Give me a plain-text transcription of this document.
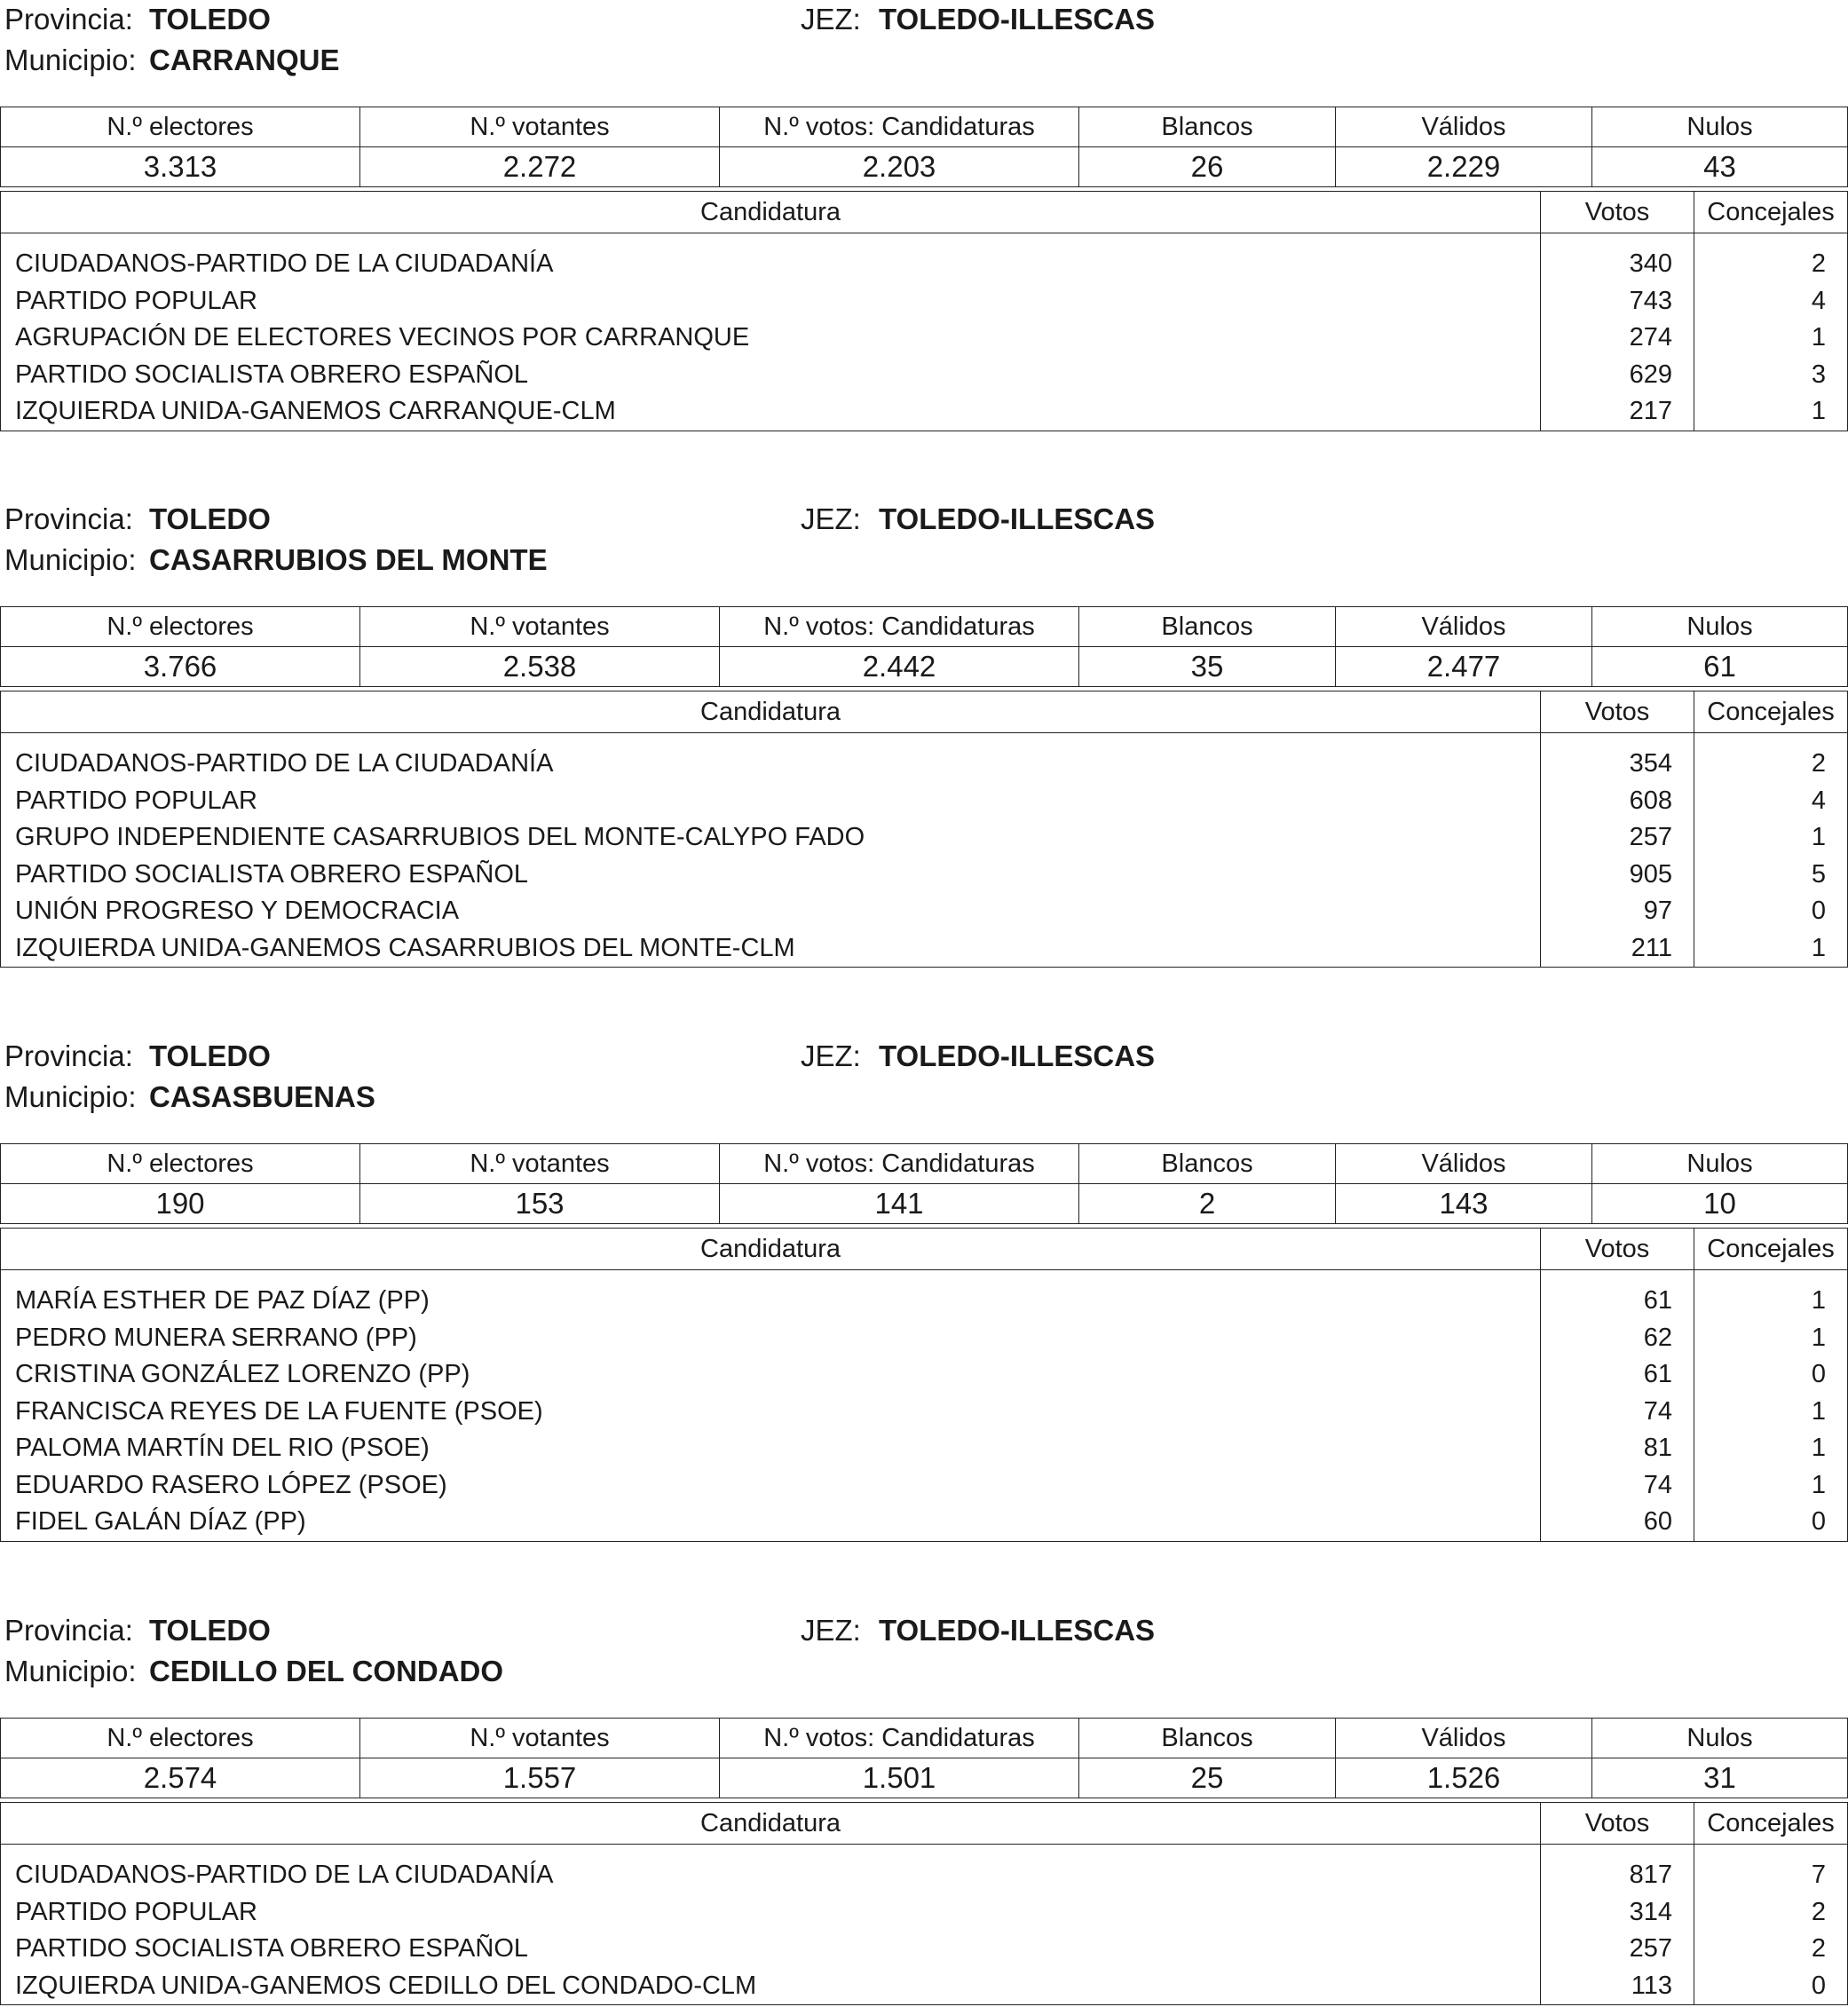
Provincia: TOLEDO	JEZ: TOLEDO-ILLESCAS
Municipio: CARRANQUE
N.º electores	N.º votantes	N.º votos: Candidaturas	Blancos	Válidos	Nulos
3.313	2.272	2.203	26	2.229	43
Candidatura	Votos	Concejales

CIUDADANOS-PARTIDO DE LA CIUDADANÍA	340	2
PARTIDO POPULAR	743	4
AGRUPACIÓN DE ELECTORES VECINOS POR CARRANQUE	274	1
PARTIDO SOCIALISTA OBRERO ESPAÑOL	629	3
IZQUIERDA UNIDA-GANEMOS CARRANQUE-CLM	217	1
Provincia: TOLEDO	JEZ: TOLEDO-ILLESCAS
Municipio: CASARRUBIOS DEL MONTE
N.º electores	N.º votantes	N.º votos: Candidaturas	Blancos	Válidos	Nulos
3.766	2.538	2.442	35	2.477	61
Candidatura	Votos	Concejales

CIUDADANOS-PARTIDO DE LA CIUDADANÍA	354	2
PARTIDO POPULAR	608	4
GRUPO INDEPENDIENTE CASARRUBIOS DEL MONTE-CALYPO FADO	257	1
PARTIDO SOCIALISTA OBRERO ESPAÑOL	905	5
UNIÓN PROGRESO Y DEMOCRACIA	97	0
IZQUIERDA UNIDA-GANEMOS CASARRUBIOS DEL MONTE-CLM	211	1
Provincia: TOLEDO	JEZ: TOLEDO-ILLESCAS
Municipio: CASASBUENAS
N.º electores	N.º votantes	N.º votos: Candidaturas	Blancos	Válidos	Nulos
190	153	141	2	143	10
Candidatura	Votos	Concejales

MARÍA ESTHER DE PAZ DÍAZ (PP)	61	1
PEDRO MUNERA SERRANO (PP)	62	1
CRISTINA GONZÁLEZ LORENZO (PP)	61	0
FRANCISCA REYES DE LA FUENTE (PSOE)	74	1
PALOMA MARTÍN DEL RIO (PSOE)	81	1
EDUARDO RASERO LÓPEZ (PSOE)	74	1
FIDEL GALÁN DÍAZ (PP)	60	0
Provincia: TOLEDO	JEZ: TOLEDO-ILLESCAS
Municipio: CEDILLO DEL CONDADO
N.º electores	N.º votantes	N.º votos: Candidaturas	Blancos	Válidos	Nulos
2.574	1.557	1.501	25	1.526	31
Candidatura	Votos	Concejales

CIUDADANOS-PARTIDO DE LA CIUDADANÍA	817	7
PARTIDO POPULAR	314	2
PARTIDO SOCIALISTA OBRERO ESPAÑOL	257	2
IZQUIERDA UNIDA-GANEMOS CEDILLO DEL CONDADO-CLM	113	0
